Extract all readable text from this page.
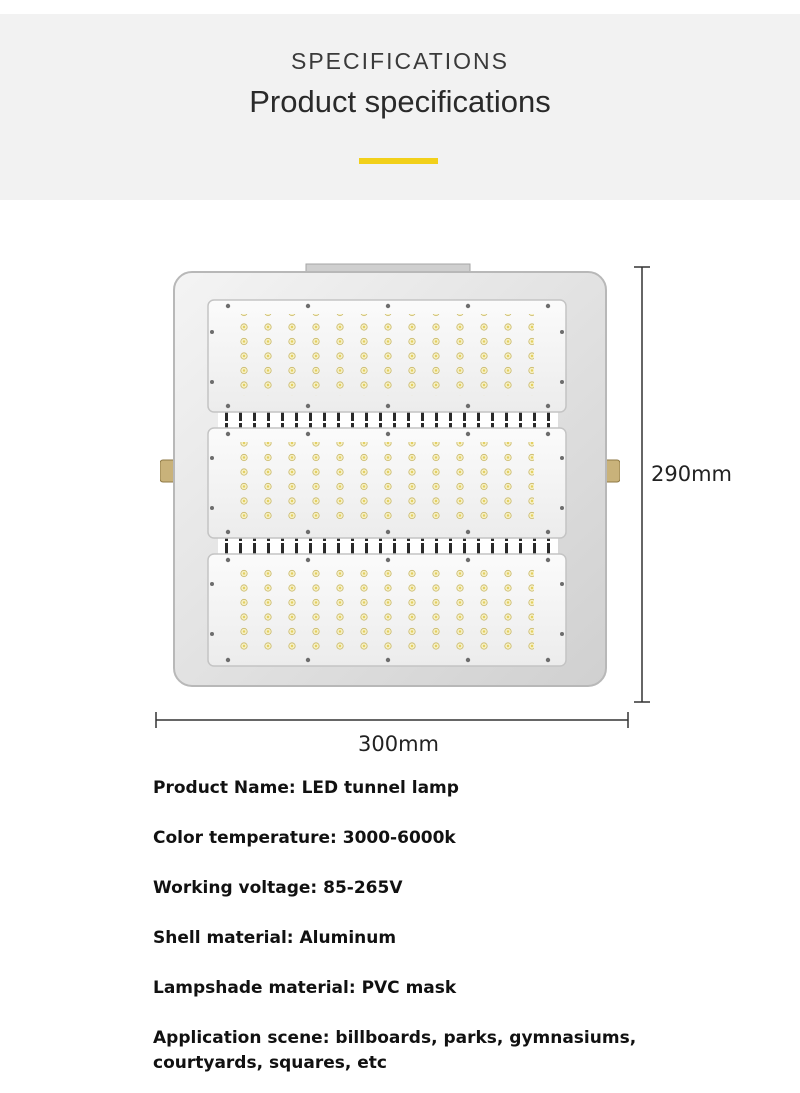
SPECIFICATIONS
Product specifications
290mm
300mm
Product Name: LED tunnel lamp
Color temperature: 3000-6000k
Working voltage: 85-265V
Shell material: Aluminum
Lampshade material: PVC mask
Application scene: billboards, parks, gymnasiums, courtyards, squares, etc
